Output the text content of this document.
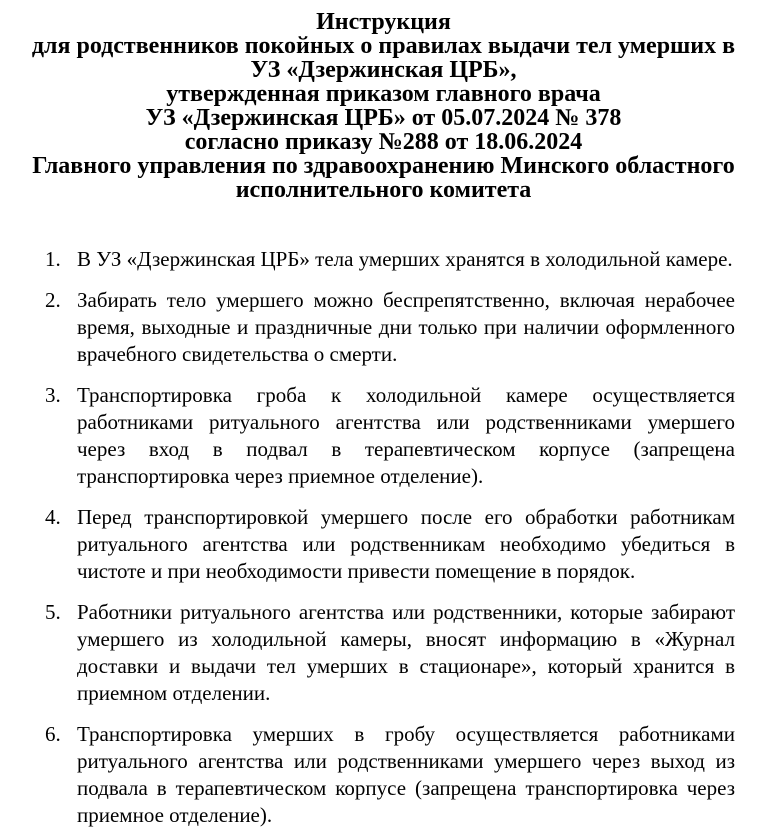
Инструкция
для родственников покойных о правилах выдачи тел умерших в
УЗ «Дзержинская ЦРБ»,
утвержденная приказом главного врача
УЗ «Дзержинская ЦРБ» от 05.07.2024 № 378
согласно приказу №288 от 18.06.2024
Главного управления по здравоохранению Минского областного
исполнительного комитета
1. В УЗ «Дзержинская ЦРБ» тела умерших хранятся в холодильной камере.
2. Забирать тело умершего можно беспрепятственно, включая нерабочее время, выходные и праздничные дни только при наличии оформленного врачебного свидетельства о смерти.
3. Транспортировка гроба к холодильной камере осуществляется работниками ритуального агентства или родственниками умершего через вход в подвал в терапевтическом корпусе (запрещена транспортировка через приемное отделение).
4. Перед транспортировкой умершего после его обработки работникам ритуального агентства или родственникам необходимо убедиться в чистоте и при необходимости привести помещение в порядок.
5. Работники ритуального агентства или родственники, которые забирают умершего из холодильной камеры, вносят информацию в «Журнал доставки и выдачи тел умерших в стационаре», который хранится в приемном отделении.
6. Транспортировка умерших в гробу осуществляется работниками ритуального агентства или родственниками умершего через выход из подвала в терапевтическом корпусе (запрещена транспортировка через приемное отделение).
